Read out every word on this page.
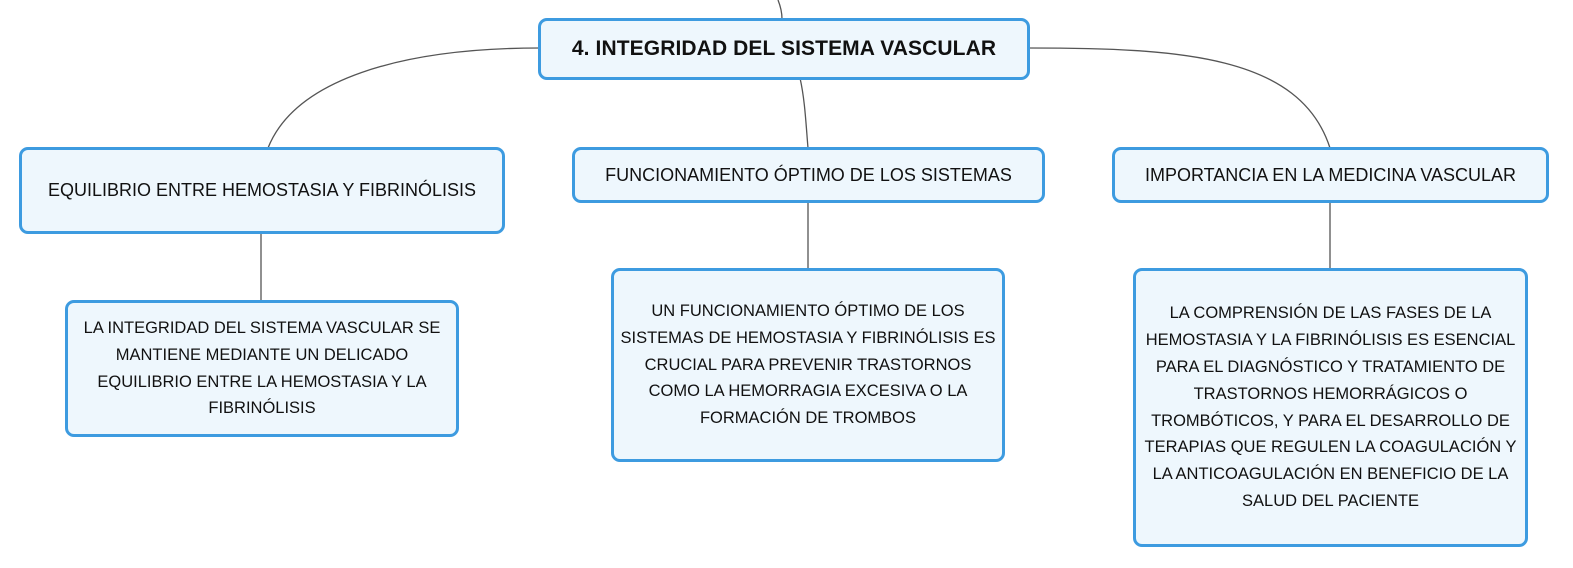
4. INTEGRIDAD DEL SISTEMA VASCULAR
EQUILIBRIO ENTRE HEMOSTASIA Y FIBRINÓLISIS
FUNCIONAMIENTO ÓPTIMO DE LOS SISTEMAS	IMPORTANCIA EN LA MEDICINA VASCULAR
LA INTEGRIDAD DEL SISTEMA VASCULAR SE MANTIENE MEDIANTE UN DELICADO EQUILIBRIO ENTRE LA HEMOSTASIA Y LA FIBRINÓLISIS
UN FUNCIONAMIENTO ÓPTIMO DE LOS SISTEMAS DE HEMOSTASIA Y FIBRINÓLISIS ES CRUCIAL PARA PREVENIR TRASTORNOS COMO LA HEMORRAGIA EXCESIVA O LA FORMACIÓN DE TROMBOS
LA COMPRENSIÓN DE LAS FASES DE LA HEMOSTASIA Y LA FIBRINÓLISIS ES ESENCIAL PARA EL DIAGNÓSTICO Y TRATAMIENTO DE TRASTORNOS HEMORRÁGICOS O TROMBÓTICOS, Y PARA EL DESARROLLO DE TERAPIAS QUE REGULEN LA COAGULACIÓN Y LA ANTICOAGULACIÓN EN BENEFICIO DE LA SALUD DEL PACIENTE
